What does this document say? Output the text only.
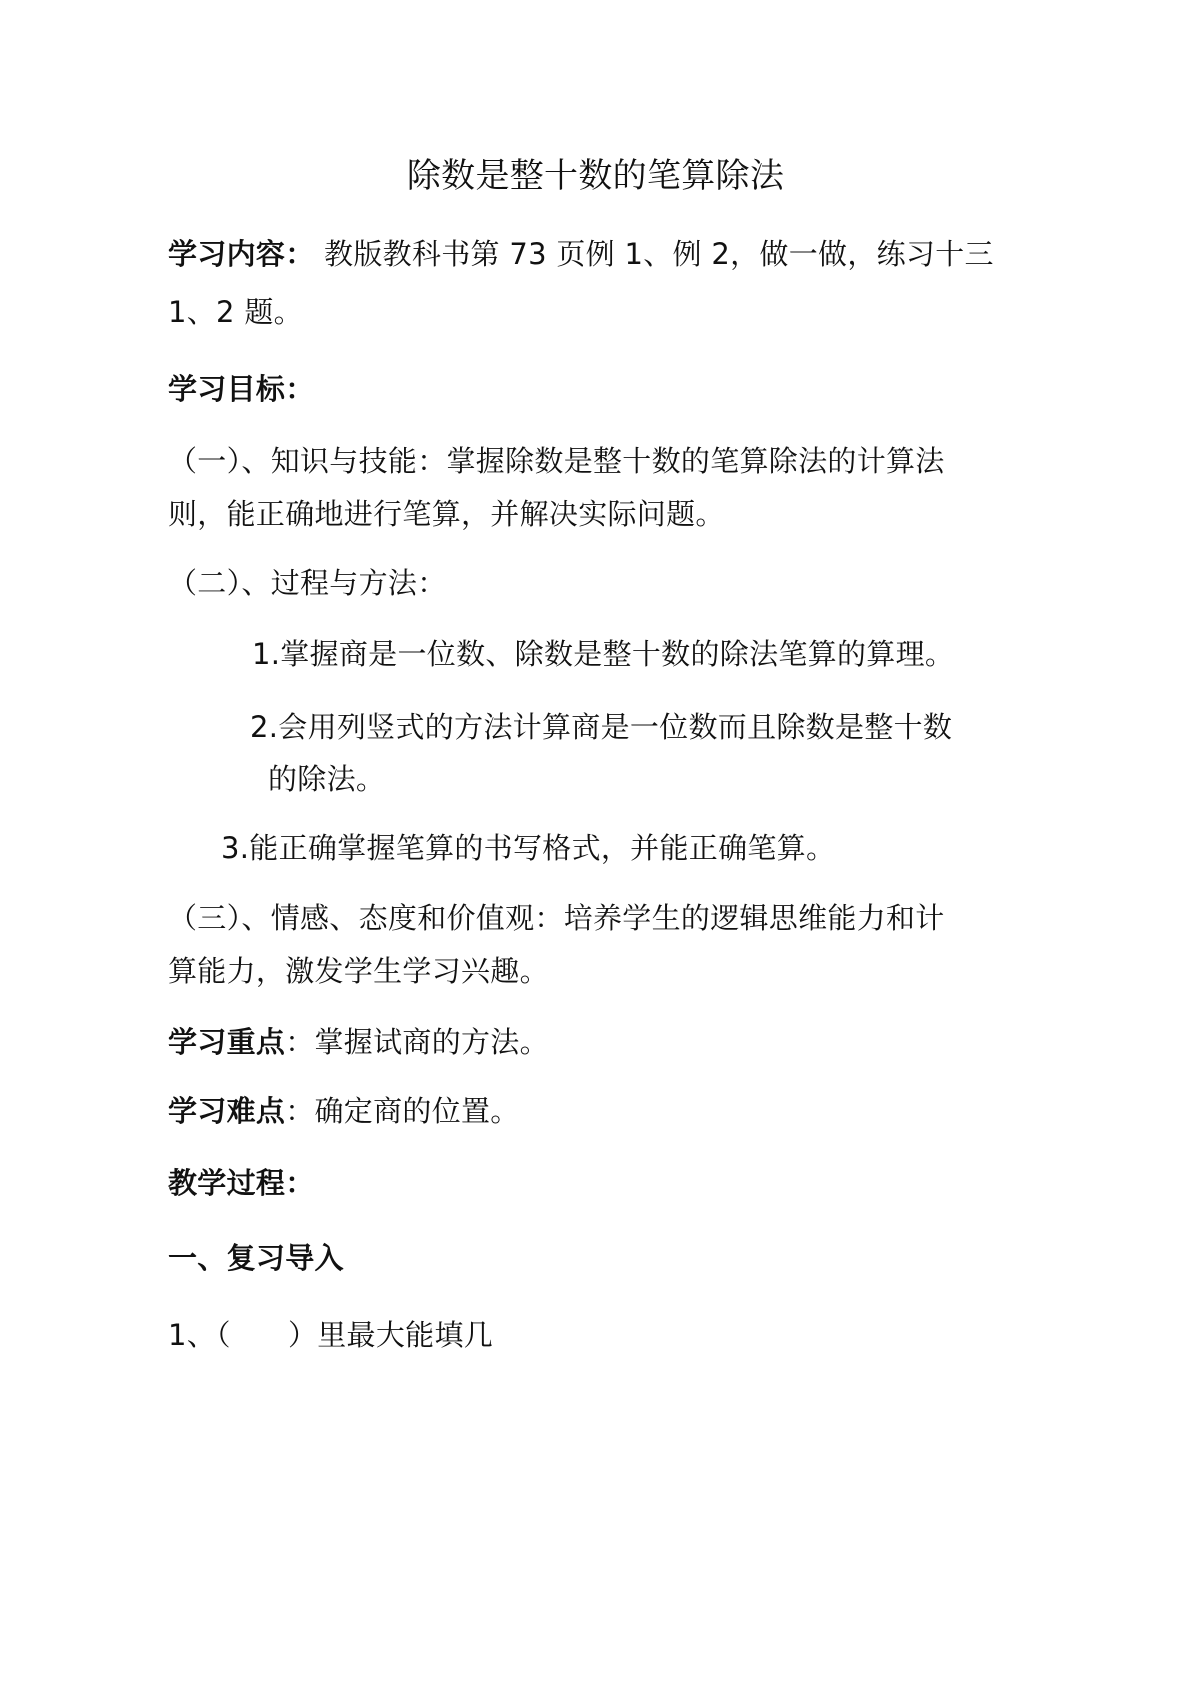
除数是整十数的笔算除法
学习内容： 教版教科书第 73 页例 1、例 2，做一做，练习十三
1、2 题。
学习目标：
（一）、知识与技能：掌握除数是整十数的笔算除法的计算法
则，能正确地进行笔算，并解决实际问题。
（二）、过程与方法：
1.掌握商是一位数、除数是整十数的除法笔算的算理。
2.会用列竖式的方法计算商是一位数而且除数是整十数
的除法。
3.能正确掌握笔算的书写格式，并能正确笔算。
（三）、情感、态度和价值观：培养学生的逻辑思维能力和计
算能力，激发学生学习兴趣。
学习重点：掌握试商的方法。
学习难点：确定商的位置。
教学过程：
一、复习导入
1、（      ）里最大能填几
